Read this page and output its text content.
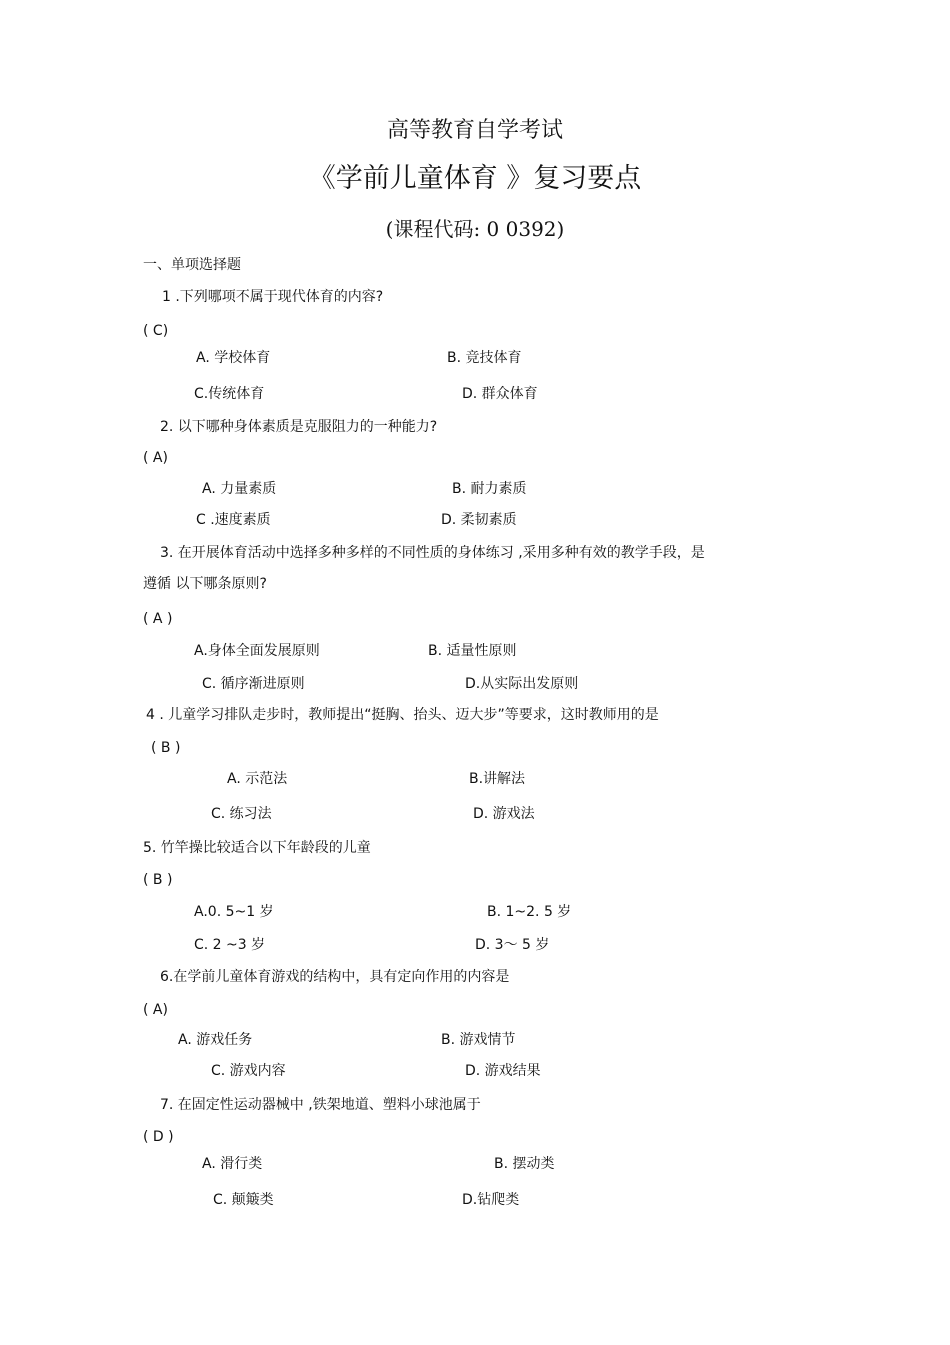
高等教育自学考试
《学前儿童体育 》复习要点
(课程代码: 0 0392)
一、单项选择题
1 .下列哪项不属于现代体育的内容?
( C)
A. 学校体育	B. 竞技体育
C.传统体育	D. 群众体育
2. 以下哪种身体素质是克服阻力的一种能力?
( A)
A. 力量素质	B. 耐力素质
C .速度素质	D. 柔韧素质
3. 在开展体育活动中选择多种多样的不同性质的身体练习 ,采用多种有效的教学手段，是
遵循 以下哪条原则?
( A )
A.身体全面发展原则	B. 适量性原则
C. 循序渐进原则	D.从实际出发原则
4 . 儿童学习排队走步时，教师提出“挺胸、抬头、迈大步”等要求，这时教师用的是
( B )
A. 示范法	B.讲解法
C. 练习法	D. 游戏法
5. 竹竿操比较适合以下年龄段的儿童
( B )
A.0. 5~1 岁	B. 1~2. 5 岁
C. 2 ~3 岁	D. 3～ 5 岁
6.在学前儿童体育游戏的结构中，具有定向作用的内容是
( A)
A. 游戏任务	B. 游戏情节
C. 游戏内容	D. 游戏结果
7. 在固定性运动器械中 ,铁架地道、塑料小球池属于
( D )
A. 滑行类	B. 摆动类
C. 颠簸类	D.钻爬类
